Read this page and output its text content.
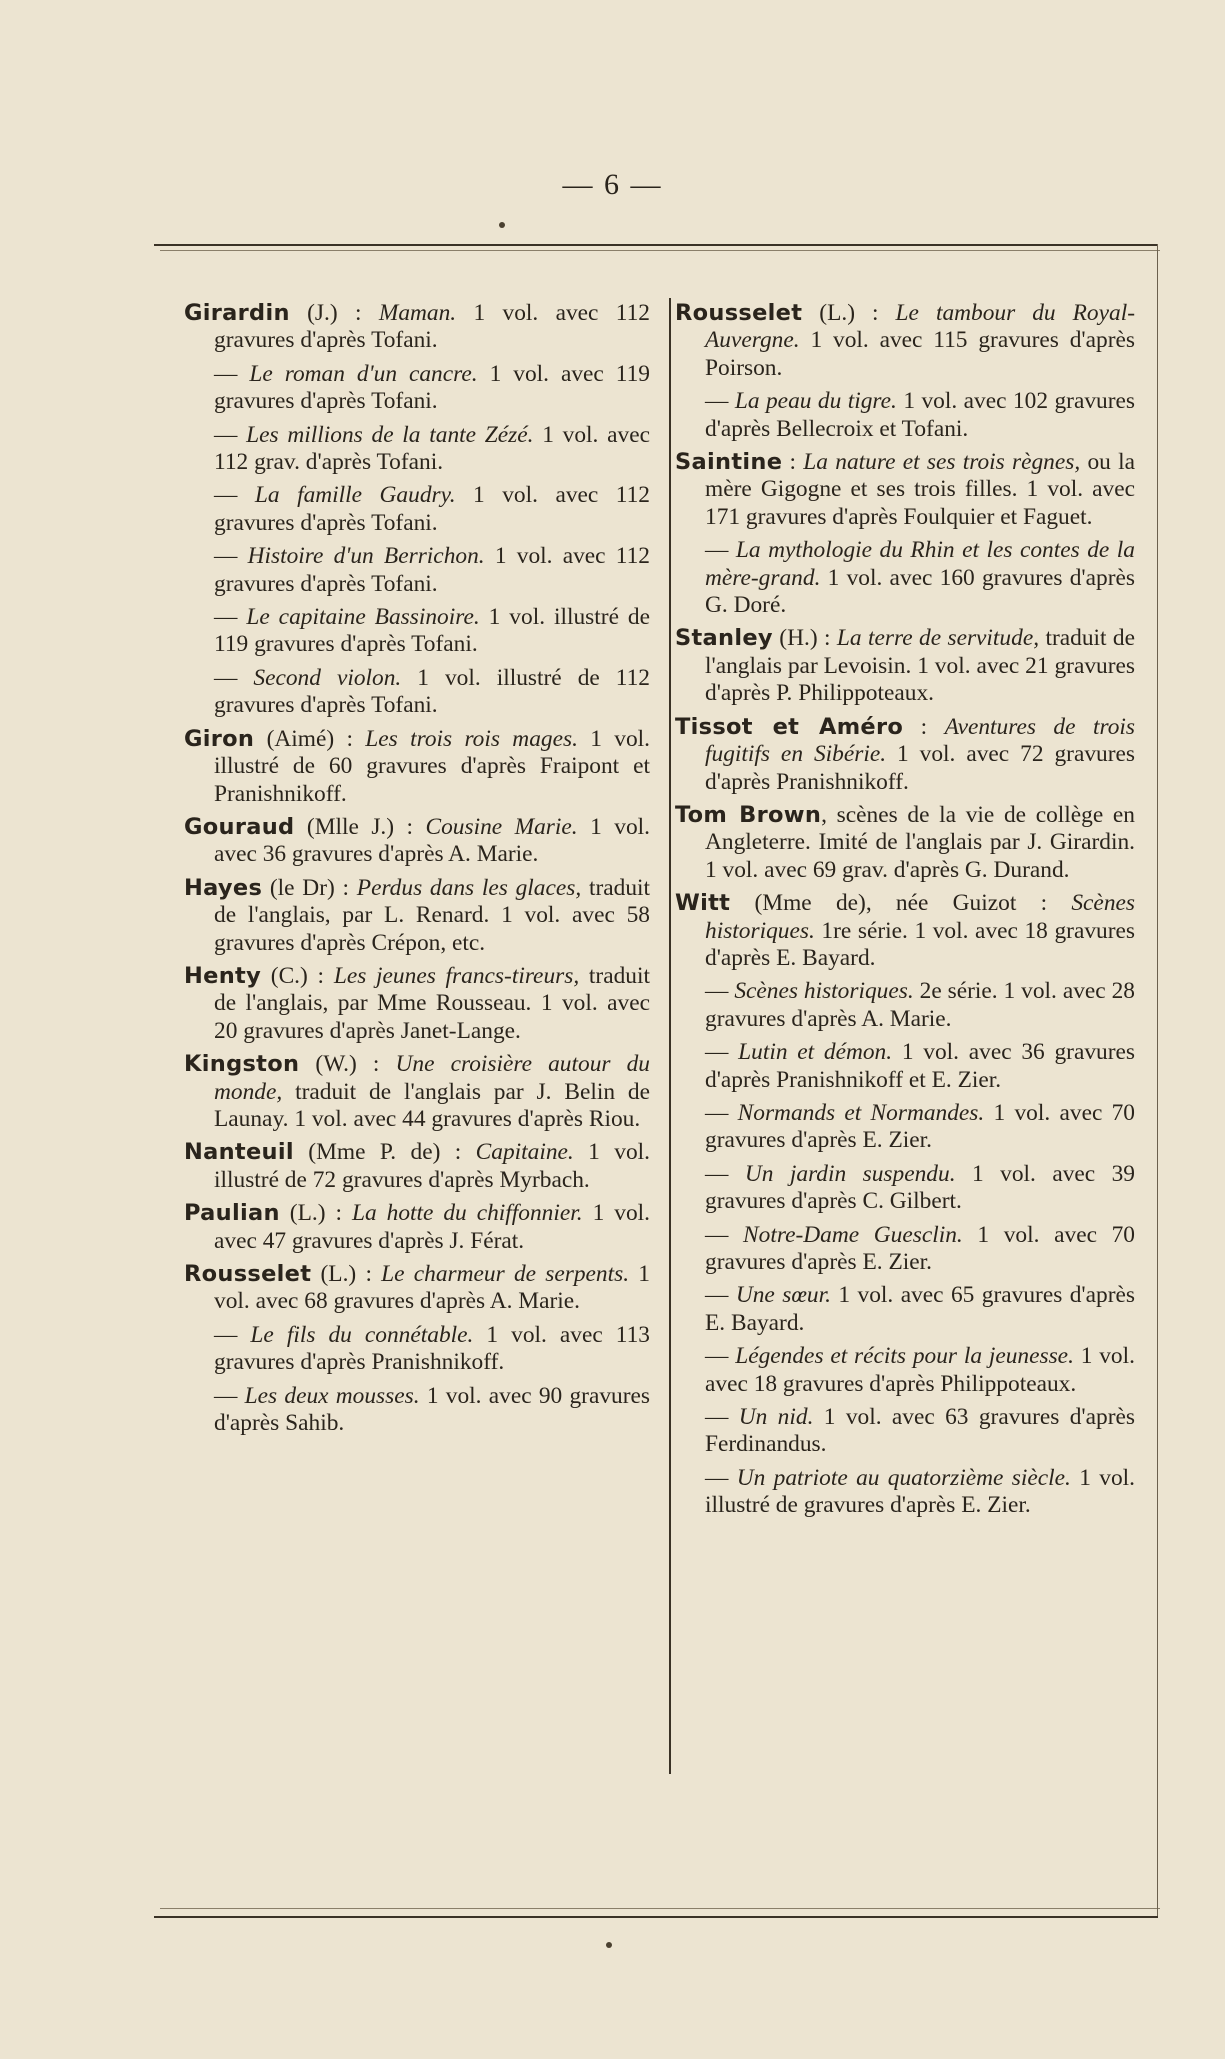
— 6 —

Girardin (J.) : Maman. 1 vol. avec 112 gravures d'après Tofani.

— Le roman d'un cancre. 1 vol. avec 119 gravures d'après Tofani.

— Les millions de la tante Zézé. 1 vol. avec 112 grav. d'après Tofani.

— La famille Gaudry. 1 vol. avec 112 gravures d'après Tofani.

— Histoire d'un Berrichon. 1 vol. avec 112 gravures d'après Tofani.

— Le capitaine Bassinoire. 1 vol. illustré de 119 gravures d'après Tofani.

— Second violon. 1 vol. illustré de 112 gravures d'après Tofani.

Giron (Aimé) : Les trois rois mages. 1 vol. illustré de 60 gravures d'après Fraipont et Pranishnikoff.

Gouraud (Mlle J.) : Cousine Marie. 1 vol. avec 36 gravures d'après A. Marie.

Hayes (le Dr) : Perdus dans les glaces, traduit de l'anglais, par L. Renard. 1 vol. avec 58 gravures d'après Crépon, etc.

Henty (C.) : Les jeunes francs-tireurs, traduit de l'anglais, par Mme Rousseau. 1 vol. avec 20 gravures d'après Janet-Lange.

Kingston (W.) : Une croisière autour du monde, traduit de l'anglais par J. Belin de Launay. 1 vol. avec 44 gravures d'après Riou.

Nanteuil (Mme P. de) : Capitaine. 1 vol. illustré de 72 gravures d'après Myrbach.

Paulian (L.) : La hotte du chiffonnier. 1 vol. avec 47 gravures d'après J. Férat.

Rousselet (L.) : Le charmeur de serpents. 1 vol. avec 68 gravures d'après A. Marie.

— Le fils du connétable. 1 vol. avec 113 gravures d'après Pranishnikoff.

— Les deux mousses. 1 vol. avec 90 gravures d'après Sahib.

Rousselet (L.) : Le tambour du Royal-Auvergne. 1 vol. avec 115 gravures d'après Poirson.

— La peau du tigre. 1 vol. avec 102 gravures d'après Bellecroix et Tofani.

Saintine : La nature et ses trois règnes, ou la mère Gigogne et ses trois filles. 1 vol. avec 171 gravures d'après Foulquier et Faguet.

— La mythologie du Rhin et les contes de la mère-grand. 1 vol. avec 160 gravures d'après G. Doré.

Stanley (H.) : La terre de servitude, traduit de l'anglais par Levoisin. 1 vol. avec 21 gravures d'après P. Philippoteaux.

Tissot et Améro : Aventures de trois fugitifs en Sibérie. 1 vol. avec 72 gravures d'après Pranishnikoff.

Tom Brown, scènes de la vie de collège en Angleterre. Imité de l'anglais par J. Girardin. 1 vol. avec 69 grav. d'après G. Durand.

Witt (Mme de), née Guizot : Scènes historiques. 1re série. 1 vol. avec 18 gravures d'après E. Bayard.

— Scènes historiques. 2e série. 1 vol. avec 28 gravures d'après A. Marie.

— Lutin et démon. 1 vol. avec 36 gravures d'après Pranishnikoff et E. Zier.

— Normands et Normandes. 1 vol. avec 70 gravures d'après E. Zier.

— Un jardin suspendu. 1 vol. avec 39 gravures d'après C. Gilbert.

— Notre-Dame Guesclin. 1 vol. avec 70 gravures d'après E. Zier.

— Une sœur. 1 vol. avec 65 gravures d'après E. Bayard.

— Légendes et récits pour la jeunesse. 1 vol. avec 18 gravures d'après Philippoteaux.

— Un nid. 1 vol. avec 63 gravures d'après Ferdinandus.

— Un patriote au quatorzième siècle. 1 vol. illustré de gravures d'après E. Zier.
